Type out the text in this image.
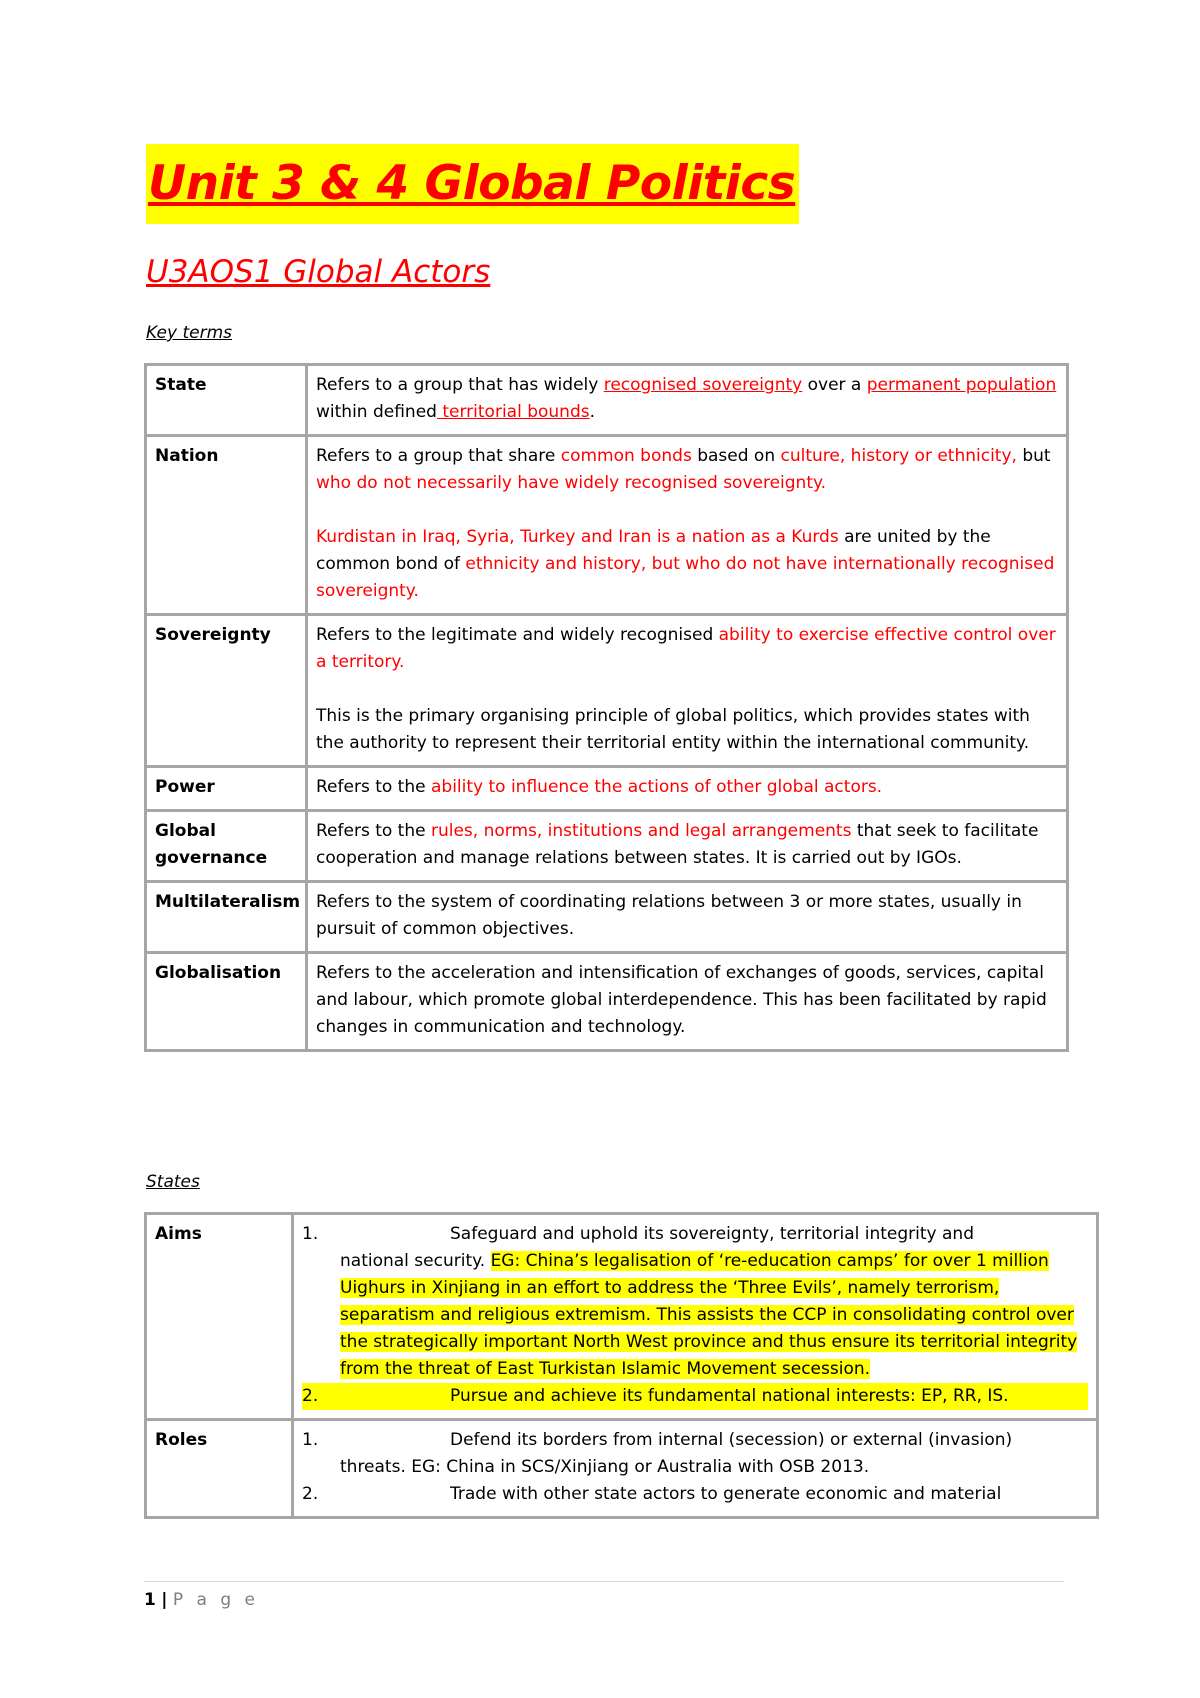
Unit 3 & 4 Global Politics
U3AOS1 Global Actors

Key terms

State	Refers to a group that has widely recognised sovereignty over a permanent population within defined territorial bounds.

Nation	Refers to a group that share common bonds based on culture, history or ethnicity, but who do not necessarily have widely recognised sovereignty.
Kurdistan in Iraq, Syria, Turkey and Iran is a nation as a Kurds are united by the common bond of ethnicity and history, but who do not have internationally recognised sovereignty.

Sovereignty	Refers to the legitimate and widely recognised ability to exercise effective control over a territory.
This is the primary organising principle of global politics, which provides states with the authority to represent their territorial entity within the international community.

Power	Refers to the ability to influence the actions of other global actors.

Global governance	Refers to the rules, norms, institutions and legal arrangements that seek to facilitate cooperation and manage relations between states. It is carried out by IGOs.

Multilateralism	Refers to the system of coordinating relations between 3 or more states, usually in pursuit of common objectives.

Globalisation	Refers to the acceleration and intensification of exchanges of goods, services, capital and labour, which promote global interdependence. This has been facilitated by rapid changes in communication and technology.

States

Aims	1. Safeguard and uphold its sovereignty, territorial integrity and
national security. EG: China’s legalisation of ‘re-education camps’ for over 1 million Uighurs in Xinjiang in an effort to address the ‘Three Evils’, namely terrorism, separatism and religious extremism. This assists the CCP in consolidating control over the strategically important North West province and thus ensure its territorial integrity from the threat of East Turkistan Islamic Movement secession.
2. Pursue and achieve its fundamental national interests: EP, RR, IS.

Roles	1. Defend its borders from internal (secession) or external (invasion)
threats. EG: China in SCS/Xinjiang or Australia with OSB 2013.
2. Trade with other state actors to generate economic and material
1 | P a g e
